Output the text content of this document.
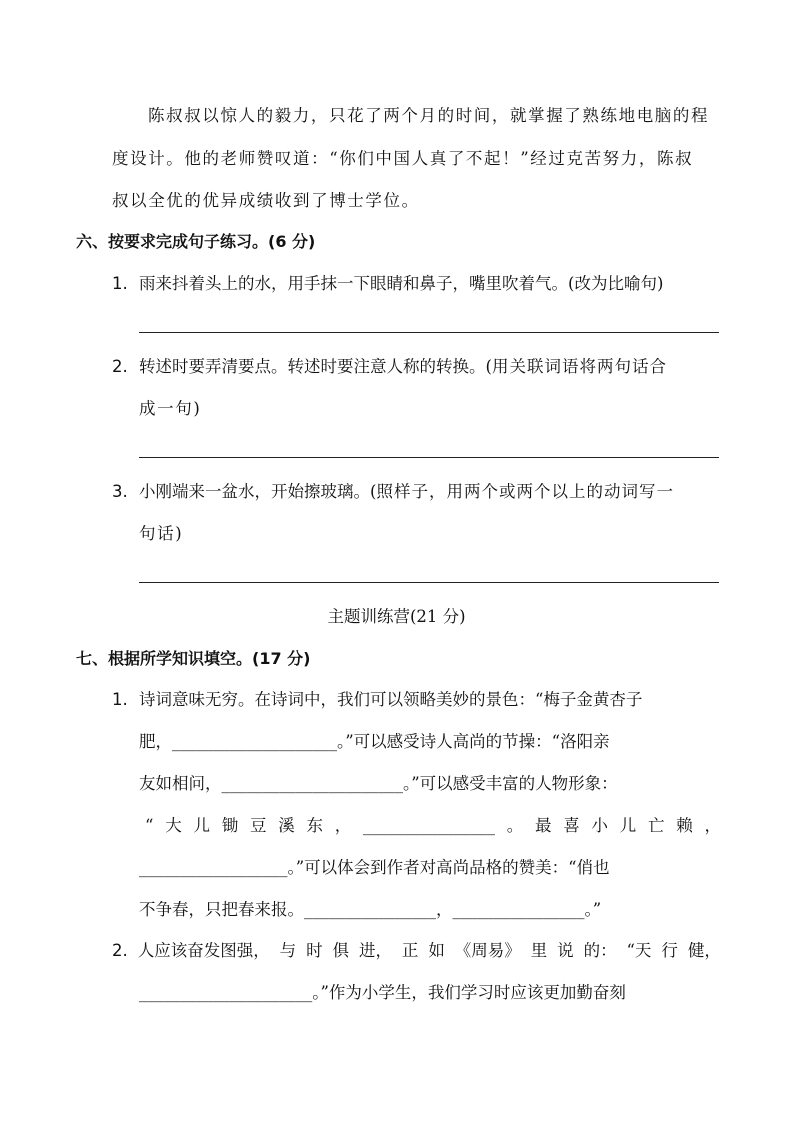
陈叔叔以惊人的毅力，只花了两个月的时间，就掌握了熟练地电脑的程
度设计。他的老师赞叹道：“你们中国人真了不起！”经过克苦努力，陈叔
叔以全优的优异成绩收到了博士学位。
六、按要求完成句子练习。(6 分)
1. 雨来抖着头上的水，用手抹一下眼睛和鼻子，嘴里吹着气。(改为比喻句)
2. 转述时要弄清要点。转述时要注意人称的转换。(用关联词语将两句话合
成一句)
3. 小刚端来一盆水，开始擦玻璃。(照样子，用两个或两个以上的动词写一
句话)
主题训练营(21 分)
七、根据所学知识填空。(17 分)
1. 诗词意味无穷。在诗词中，我们可以领略美妙的景色：“梅子金黄杏子
肥，____________________。”可以感受诗人高尚的节操：“洛阳亲
友如相问，______________________。”可以感受丰富的人物形象：
“ 大 儿 锄 豆 溪 东 ， ________________ 。 最 喜 小 儿 亡 赖 ，
__________________。”可以体会到作者对高尚品格的赞美：“俏也
不争春，只把春来报。________________，________________。”
2. 人应该奋发图强， 与 时 俱 进， 正 如 《周易》 里 说 的： “天 行 健，
_____________________。”作为小学生，我们学习时应该更加勤奋刻
